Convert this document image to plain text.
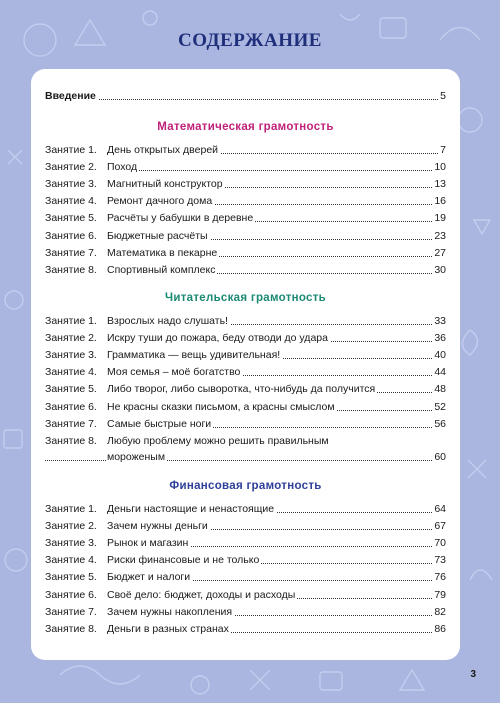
СОДЕРЖАНИЕ
Введение	5
Математическая грамотность
Занятие 1. День открытых дверей	7
Занятие 2. Поход	10
Занятие 3. Магнитный конструктор	13
Занятие 4. Ремонт дачного дома	16
Занятие 5. Расчёты у бабушки в деревне	19
Занятие 6. Бюджетные расчёты	23
Занятие 7. Математика в пекарне	27
Занятие 8. Спортивный комплекс	30
Читательская грамотность
Занятие 1. Взрослых надо слушать!	33
Занятие 2. Искру туши до пожара, беду отводи до удара	36
Занятие 3. Грамматика — вещь удивительная!	40
Занятие 4. Моя семья – моё богатство	44
Занятие 5. Либо творог, либо сыворотка, что-нибудь да получится	48
Занятие 6. Не красны сказки письмом, а красны смыслом	52
Занятие 7. Самые быстрые ноги	56
Занятие 8. Любую проблему можно решить правильным
мороженым	60
Финансовая грамотность
Занятие 1. Деньги настоящие и ненастоящие	64
Занятие 2. Зачем нужны деньги	67
Занятие 3. Рынок и магазин	70
Занятие 4. Риски финансовые и не только	73
Занятие 5. Бюджет и налоги	76
Занятие 6. Своё дело: бюджет, доходы и расходы	79
Занятие 7. Зачем нужны накопления	82
Занятие 8. Деньги в разных странах	86
3
